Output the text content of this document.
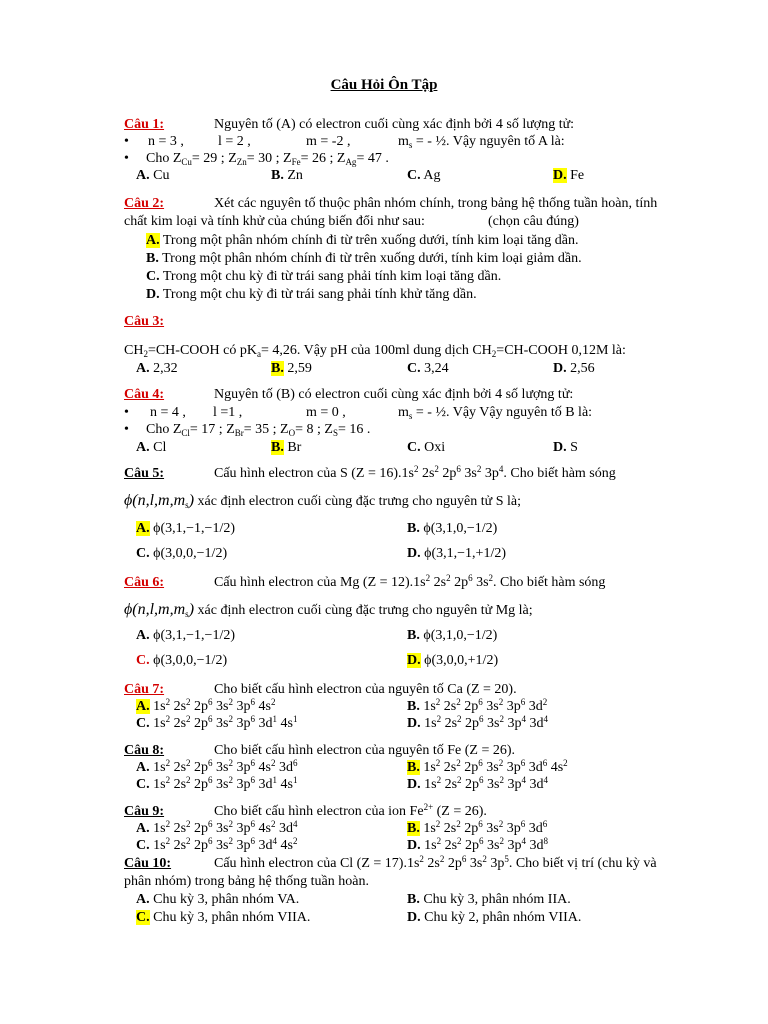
Câu Hỏi Ôn Tập
Câu 1:	Nguyên tố (A) có electron cuối cùng xác định bởi 4 số lượng tử:
• n = 3 , l = 2 ,	m = -2 ,	$m_s$ = - ½. Vậy nguyên tố A là:
• Cho $Z_{Cu}= 29$ ; $Z_{Zn}= 30$ ; $Z_{Fe}= 26$ ; $Z_{Ag}= 47$ .
A. Cu	B. Zn	C. Ag	D. Fe
Câu 2:	Xét các nguyên tố thuộc phân nhóm chính, trong bảng hệ thống tuần hoàn, tính
chất kim loại và tính khử của chúng biến đổi như sau:	(chọn câu đúng)
A. Trong một phân nhóm chính đi từ trên xuống dưới, tính kim loại tăng dần.
B. Trong một phân nhóm chính đi từ trên xuống dưới, tính kim loại giảm dần.
C. Trong một chu kỳ đi từ trái sang phải tính kim loại tăng dần.
D. Trong một chu kỳ đi từ trái sang phải tính khử tăng dần.
Câu 3:
$CH_2=CH$-COOH có $pK_a= 4,26$. Vậy pH của 100ml dung dịch $CH_2=CH$-COOH 0,12M là:
A. 2,32	B. 2,59	C. 3,24	D. 2,56
Câu 4:	Nguyên tố (B) có electron cuối cùng xác định bởi 4 số lượng tử:
• n = 4 , l =1 ,	m = 0 ,	$m_s$ = - ½. Vậy Vậy nguyên tố B là:
• Cho $Z_{Cl}= 17$ ; $Z_{Br}= 35$ ; $Z_O= 8$ ; $Z_S= 16$ .
A. Cl	B. Br	C. Oxi	D. S
Câu 5:	Cấu hình electron của S $(Z = 16).1s^2$ $2s^2$ $2p^6$ $3s^2$ $3p^4$. Cho biết hàm sóng
$\phi(n,l,m,m_s)$ xác định electron cuối cùng đặc trưng cho nguyên tử S là;
A. ϕ(3,1,−1,−1/2)	B. ϕ(3,1,0,−1/2)
C. ϕ(3,0,0,−1/2)	D. ϕ(3,1,−1,+1/2)
Câu 6:	Cấu hình electron của Mg $(Z = 12).1s^2$ $2s^2$ $2p^6$ $3s^2$. Cho biết hàm sóng
$\phi(n,l,m,m_s)$ xác định electron cuối cùng đặc trưng cho nguyên tử Mg là;
A. ϕ(3,1,−1,−1/2)	B. ϕ(3,1,0,−1/2)
C. ϕ(3,0,0,−1/2)	D. ϕ(3,0,0,+1/2)
Câu 7:	Cho biết cấu hình electron của nguyên tố Ca (Z = 20).
A. $1s^2$ $2s^2$ $2p^6$ $3s^2$ $3p^6$ $4s^2$	B. $1s^2$ $2s^2$ $2p^6$ $3s^2$ $3p^6$ $3d^2$
C. $1s^2$ $2s^2$ $2p^6$ $3s^2$ $3p^6$ $3d^1$ $4s^1$	D. $1s^2$ $2s^2$ $2p^6$ $3s^2$ $3p^4$ $3d^4$
Câu 8:	Cho biết cấu hình electron của nguyên tố Fe (Z = 26).
A. $1s^2$ $2s^2$ $2p^6$ $3s^2$ $3p^6$ $4s^2$ $3d^6$	B. $1s^2$ $2s^2$ $2p^6$ $3s^2$ $3p^6$ $3d^6$ $4s^2$
C. $1s^2$ $2s^2$ $2p^6$ $3s^2$ $3p^6$ $3d^1$ $4s^1$	D. $1s^2$ $2s^2$ $2p^6$ $3s^2$ $3p^4$ $3d^4$
Câu 9:	Cho biết cấu hình electron của ion $Fe^{2+}$ (Z = 26).
A. $1s^2$ $2s^2$ $2p^6$ $3s^2$ $3p^6$ $4s^2$ $3d^4$	B. $1s^2$ $2s^2$ $2p^6$ $3s^2$ $3p^6$ $3d^6$
C. $1s^2$ $2s^2$ $2p^6$ $3s^2$ $3p^6$ $3d^4$ $4s^2$	D. $1s^2$ $2s^2$ $2p^6$ $3s^2$ $3p^4$ $3d^8$
Câu 10:	Cấu hình electron của Cl $(Z = 17).1s^2$ $2s^2$ $2p^6$ $3s^2$ $3p^5$. Cho biết vị trí (chu kỳ và
phân nhóm) trong bảng hệ thống tuần hoàn.
A. Chu kỳ 3, phân nhóm VA.	B. Chu kỳ 3, phân nhóm IIA.
C. Chu kỳ 3, phân nhóm VIIA.	D. Chu kỳ 2, phân nhóm VIIA.
